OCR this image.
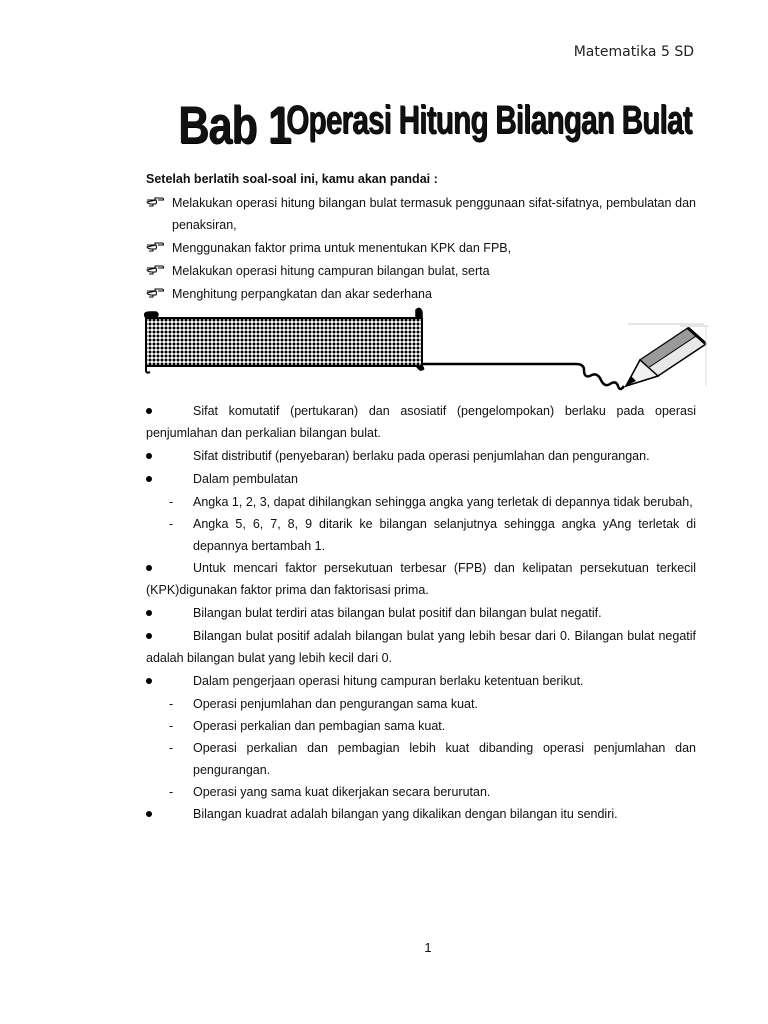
Matematika 5 SD
Bab 1
Operasi Hitung Bilangan Bulat
Setelah berlatih soal-soal ini, kamu akan pandai :
Melakukan operasi hitung bilangan bulat termasuk penggunaan sifat-sifatnya, pembulatan dan penaksiran,
Menggunakan faktor prima untuk menentukan KPK dan FPB,
Melakukan operasi hitung campuran bilangan bulat, serta
Menghitung perpangkatan dan akar sederhana
Sifat komutatif (pertukaran) dan asosiatif (pengelompokan) berlaku pada operasi penjumlahan dan perkalian bilangan bulat.
Sifat distributif (penyebaran) berlaku pada operasi penjumlahan dan pengurangan.
Dalam pembulatan
- Angka 1, 2, 3, dapat dihilangkan sehingga angka yang terletak di depannya tidak berubah,
- Angka 5, 6, 7, 8, 9 ditarik ke bilangan selanjutnya sehingga angka yAng terletak di depannya bertambah 1.
Untuk mencari faktor persekutuan terbesar (FPB) dan kelipatan persekutuan terkecil (KPK)digunakan faktor prima dan faktorisasi prima.
Bilangan bulat terdiri atas bilangan bulat positif dan bilangan bulat negatif.
Bilangan bulat positif adalah bilangan bulat yang lebih besar dari 0. Bilangan bulat negatif adalah bilangan bulat yang lebih kecil dari 0.
Dalam pengerjaan operasi hitung campuran berlaku ketentuan berikut.
- Operasi penjumlahan dan pengurangan sama kuat.
- Operasi perkalian dan pembagian sama kuat.
- Operasi perkalian dan pembagian lebih kuat dibanding operasi penjumlahan dan pengurangan.
- Operasi yang sama kuat dikerjakan secara berurutan.
Bilangan kuadrat adalah bilangan yang dikalikan dengan bilangan itu sendiri.
1
